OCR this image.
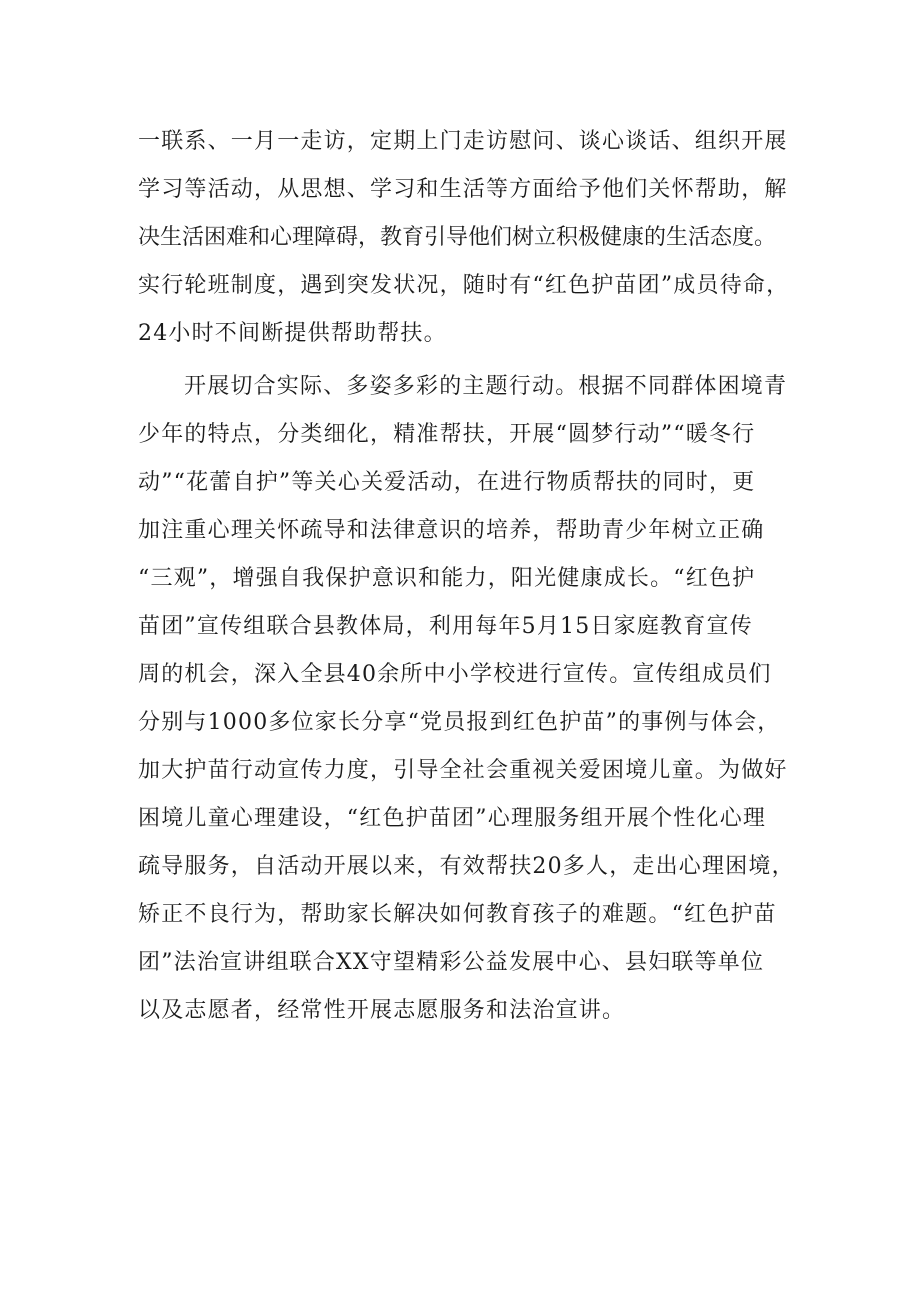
一联系、一月一走访，定期上门走访慰问、谈心谈话、组织开展
学习等活动，从思想、学习和生活等方面给予他们关怀帮助，解
决生活困难和心理障碍，教育引导他们树立积极健康的生活态度。
实行轮班制度，遇到突发状况，随时有“红色护苗团”成员待命，
24小时不间断提供帮助帮扶。
开展切合实际、多姿多彩的主题行动。根据不同群体困境青
少年的特点，分类细化，精准帮扶，开展“圆梦行动”“暖冬行
动”“花蕾自护”等关心关爱活动，在进行物质帮扶的同时，更
加注重心理关怀疏导和法律意识的培养，帮助青少年树立正确
“三观”，增强自我保护意识和能力，阳光健康成长。“红色护
苗团”宣传组联合县教体局，利用每年5月15日家庭教育宣传
周的机会，深入全县40余所中小学校进行宣传。宣传组成员们
分别与1000多位家长分享“党员报到红色护苗”的事例与体会，
加大护苗行动宣传力度，引导全社会重视关爱困境儿童。为做好
困境儿童心理建设，“红色护苗团”心理服务组开展个性化心理
疏导服务，自活动开展以来，有效帮扶20多人，走出心理困境，
矫正不良行为，帮助家长解决如何教育孩子的难题。“红色护苗
团”法治宣讲组联合XX守望精彩公益发展中心、县妇联等单位
以及志愿者，经常性开展志愿服务和法治宣讲。
